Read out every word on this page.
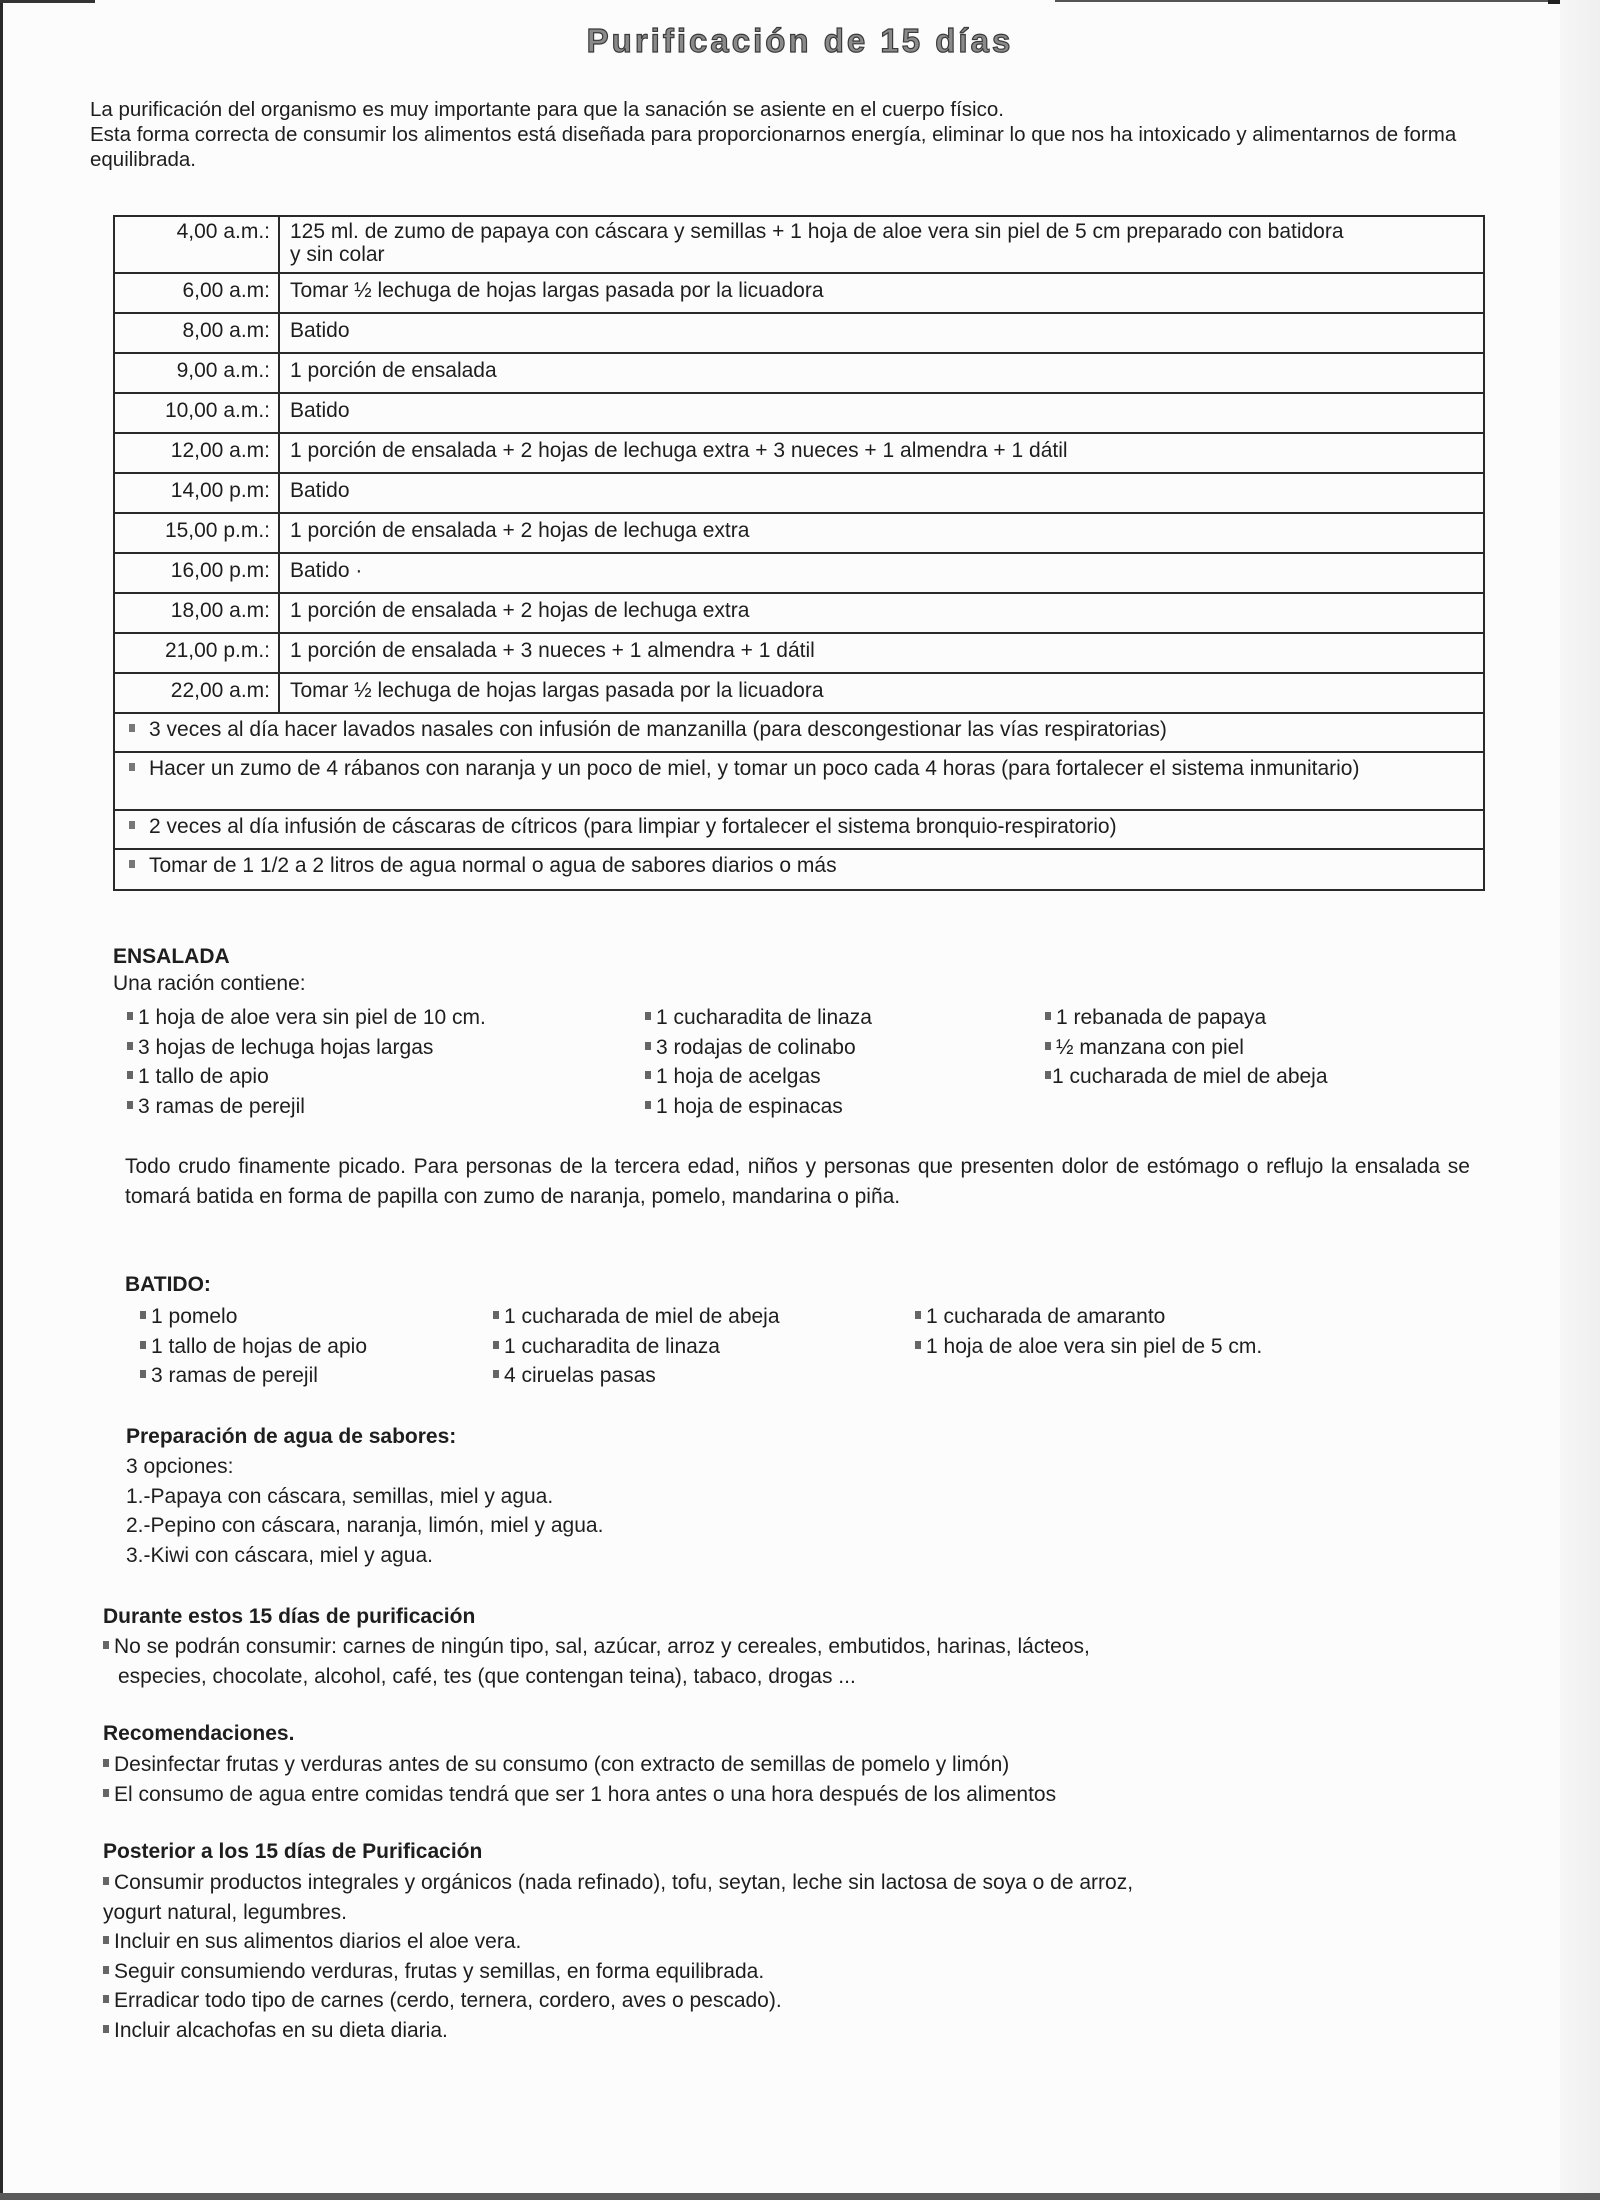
Purificación de 15 días

La purificación del organismo es muy importante para que la sanación se asiente en el cuerpo físico.

Esta forma correcta de consumir los alimentos está diseñada para proporcionarnos energía, eliminar lo que nos ha intoxicado y alimentarnos de forma equilibrada.

4,00 a.m.:	125 ml. de zumo de papaya con cáscara y semillas + 1 hoja de aloe vera sin piel de 5 cm preparado con batidora y sin colar
6,00 a.m:	Tomar ½ lechuga de hojas largas pasada por la licuadora
8,00 a.m:	Batido
9,00 a.m.:	1 porción de ensalada
10,00 a.m.:	Batido
12,00 a.m:	1 porción de ensalada + 2 hojas de lechuga extra + 3 nueces + 1 almendra + 1 dátil
14,00 p.m:	Batido
15,00 p.m.:	1 porción de ensalada + 2 hojas de lechuga extra
16,00 p.m:	Batido ·
18,00 a.m:	1 porción de ensalada + 2 hojas de lechuga extra
21,00 p.m.:	1 porción de ensalada + 3 nueces + 1 almendra + 1 dátil
22,00 a.m:	Tomar ½ lechuga de hojas largas pasada por la licuadora
3 veces al día hacer lavados nasales con infusión de manzanilla (para descongestionar las vías respiratorias)	
Hacer un zumo de 4 rábanos con naranja y un poco de miel, y tomar un poco cada 4 horas (para fortalecer el sistema inmunitario)	
2 veces al día infusión de cáscaras de cítricos (para limpiar y fortalecer el sistema bronquio-respiratorio)	
Tomar de 1 1/2 a 2 litros de agua normal o agua de sabores diarios o más	
ENSALADA
Una ración contiene:
1 hoja de aloe vera sin piel de 10 cm.
3 hojas de lechuga hojas largas
1 tallo de apio
3 ramas de perejil
1 cucharadita de linaza
3 rodajas de colinabo
1 hoja de acelgas
1 hoja de espinacas
1 rebanada de papaya
½ manzana con piel
1 cucharada de miel de abeja
Todo crudo finamente picado. Para personas de la tercera edad, niños y personas que presenten dolor de estómago o reflujo la ensalada se tomará batida en forma de papilla con zumo de naranja, pomelo, mandarina o piña.
BATIDO:
1 pomelo
1 tallo de hojas de apio
3 ramas de perejil
1 cucharada de miel de abeja
1 cucharadita de linaza
4 ciruelas pasas
1 cucharada de amaranto
1 hoja de aloe vera sin piel de 5 cm.
Preparación de agua de sabores:
3 opciones:
1.-Papaya con cáscara, semillas, miel y agua.
2.-Pepino con cáscara, naranja, limón, miel y agua.
3.-Kiwi con cáscara, miel y agua.
Durante estos 15 días de purificación
No se podrán consumir: carnes de ningún tipo, sal, azúcar, arroz y cereales, embutidos, harinas, lácteos,
especies, chocolate, alcohol, café, tes (que contengan teina), tabaco, drogas ...
Recomendaciones.
Desinfectar frutas y verduras antes de su consumo (con extracto de semillas de pomelo y limón)
El consumo de agua entre comidas tendrá que ser 1 hora antes o una hora después de los alimentos
Posterior a los 15 días de Purificación
Consumir productos integrales y orgánicos (nada refinado), tofu, seytan, leche sin lactosa de soya o de arroz,
yogurt natural, legumbres.
Incluir en sus alimentos diarios el aloe vera.
Seguir consumiendo verduras, frutas y semillas, en forma equilibrada.
Erradicar todo tipo de carnes (cerdo, ternera, cordero, aves o pescado).
Incluir alcachofas en su dieta diaria.
